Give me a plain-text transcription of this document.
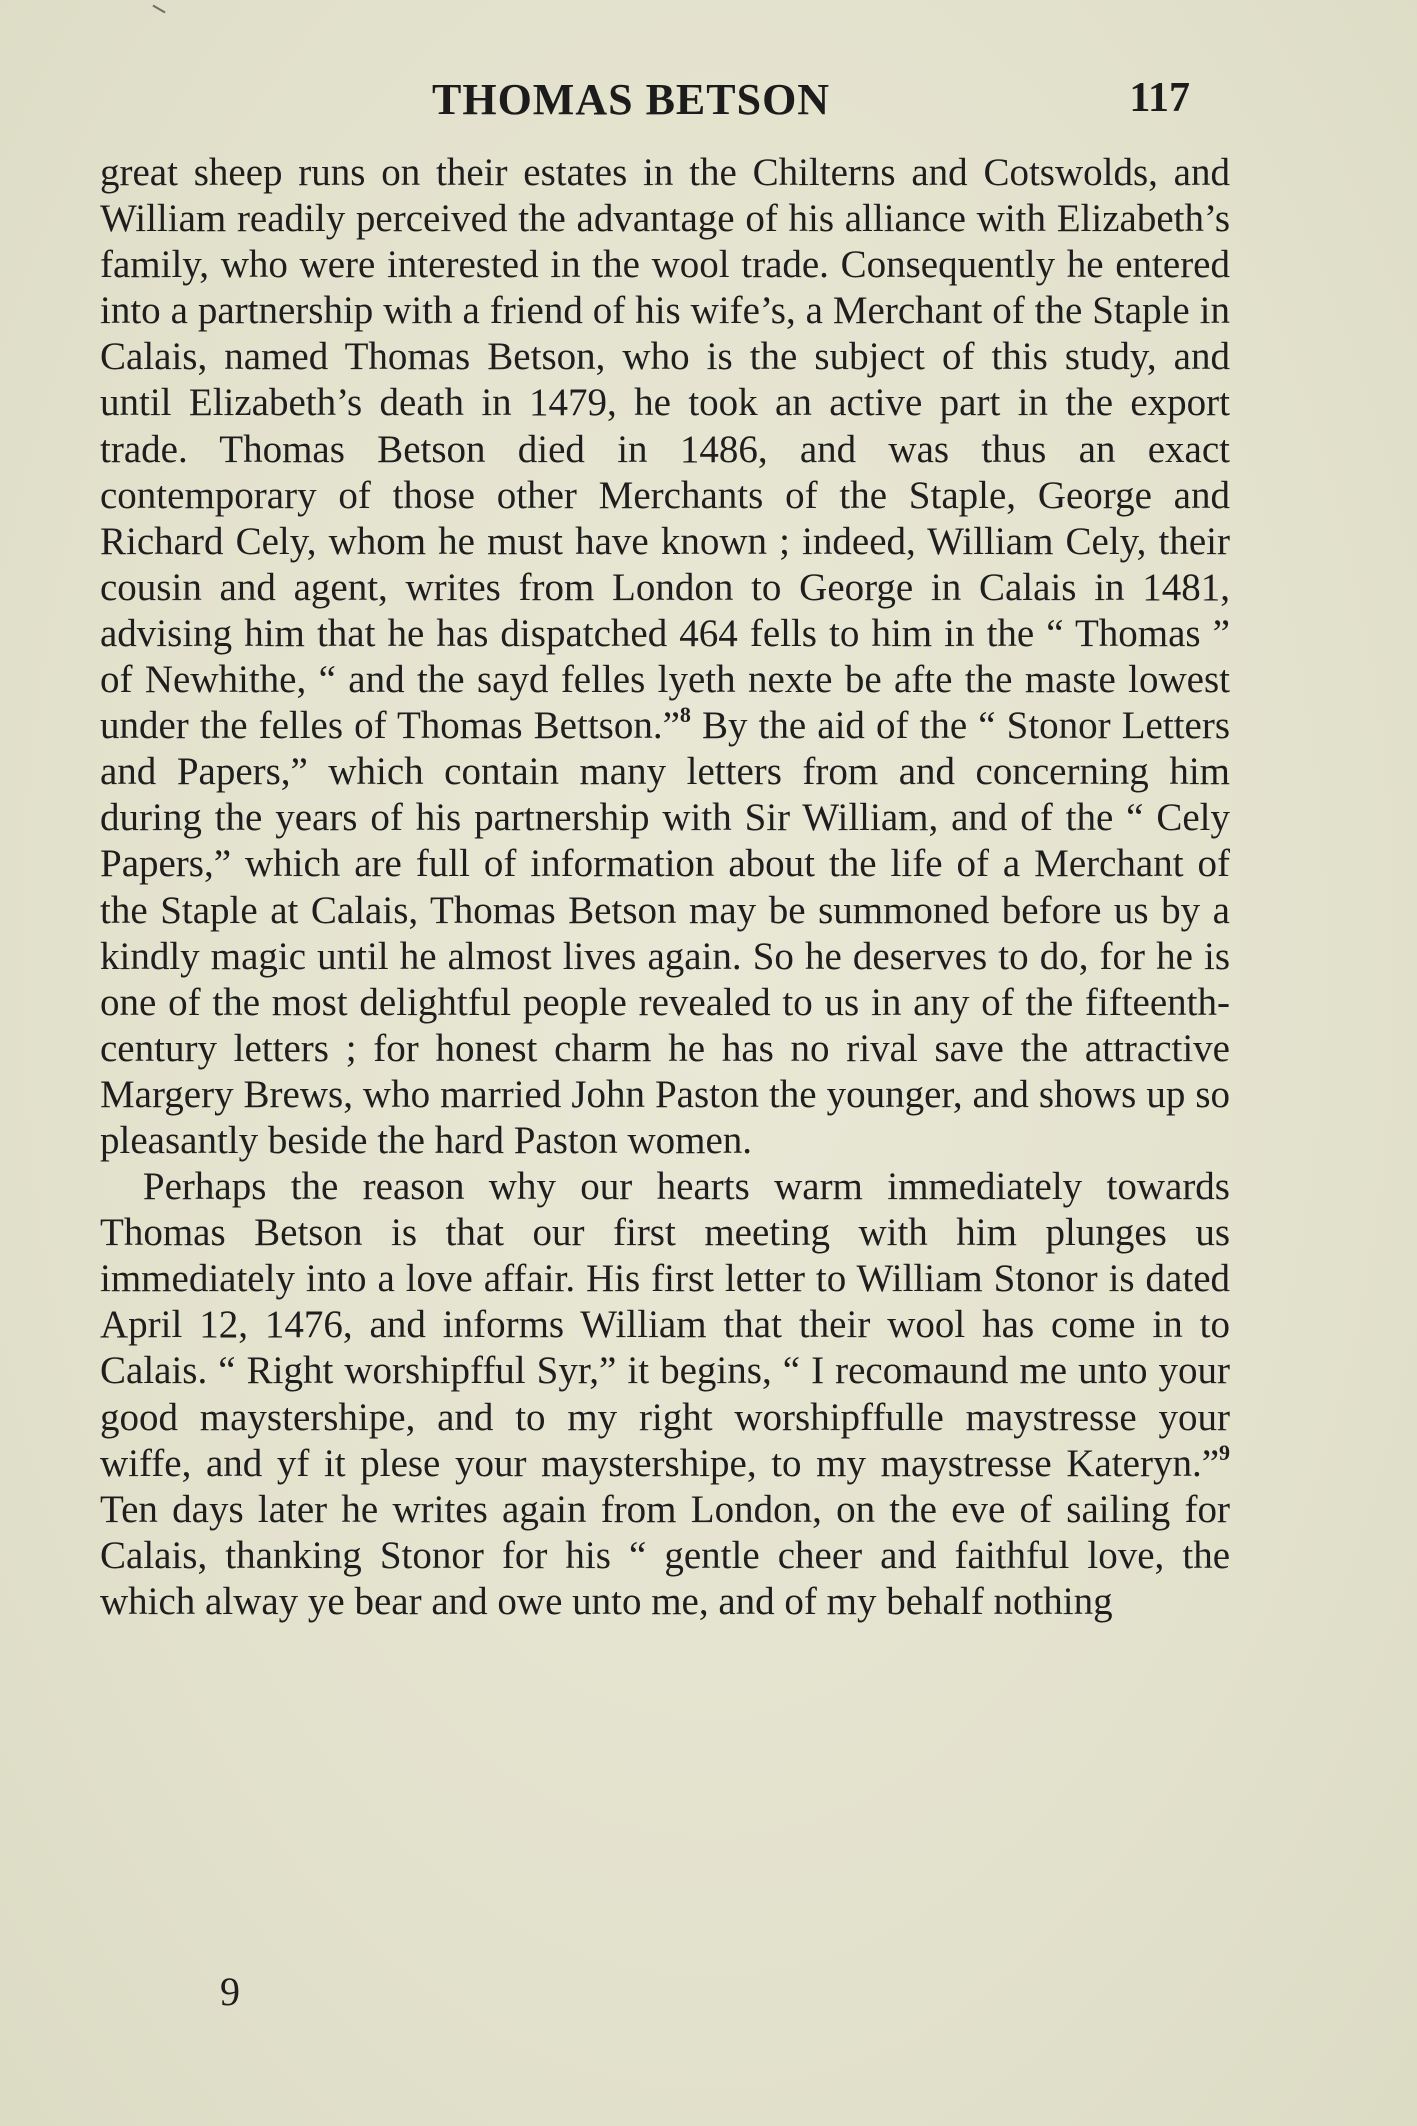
THOMAS BETSON	117

great sheep runs on their estates in the Chilterns and Cotswolds, and William readily perceived the advantage of his alliance with Elizabeth’s family, who were interested in the wool trade. Consequently he entered into a partnership with a friend of his wife’s, a Merchant of the Staple in Calais, named Thomas Betson, who is the subject of this study, and until Elizabeth’s death in 1479, he took an active part in the export trade. Thomas Betson died in 1486, and was thus an exact contemporary of those other Merchants of the Staple, George and Richard Cely, whom he must have known ; indeed, William Cely, their cousin and agent, writes from London to George in Calais in 1481, advising him that he has dispatched 464 fells to him in the “ Thomas ” of Newhithe, “ and the sayd felles lyeth nexte be afte the maste lowest under the felles of Thomas Bettson.”$^8$ By the aid of the “ Stonor Letters and Papers,” which contain many letters from and concerning him during the years of his partnership with Sir William, and of the “ Cely Papers,” which are full of information about the life of a Merchant of the Staple at Calais, Thomas Betson may be summoned before us by a kindly magic until he almost lives again. So he deserves to do, for he is one of the most delightful people revealed to us in any of the fifteenth-century letters ; for honest charm he has no rival save the attractive Margery Brews, who married John Paston the younger, and shows up so pleasantly beside the hard Paston women.

Perhaps the reason why our hearts warm immediately towards Thomas Betson is that our first meeting with him plunges us immediately into a love affair. His first letter to William Stonor is dated April 12, 1476, and informs William that their wool has come in to Calais. “ Right worshipfful Syr,” it begins, “ I recomaund me unto your good maystershipe, and to my right worshipffulle maystresse your wiffe, and yf it plese your maystershipe, to my maystresse Kateryn.”$^9$ Ten days later he writes again from London, on the eve of sailing for Calais, thanking Stonor for his “ gentle cheer and faithful love, the which alway ye bear and owe unto me, and of my behalf nothing

9
